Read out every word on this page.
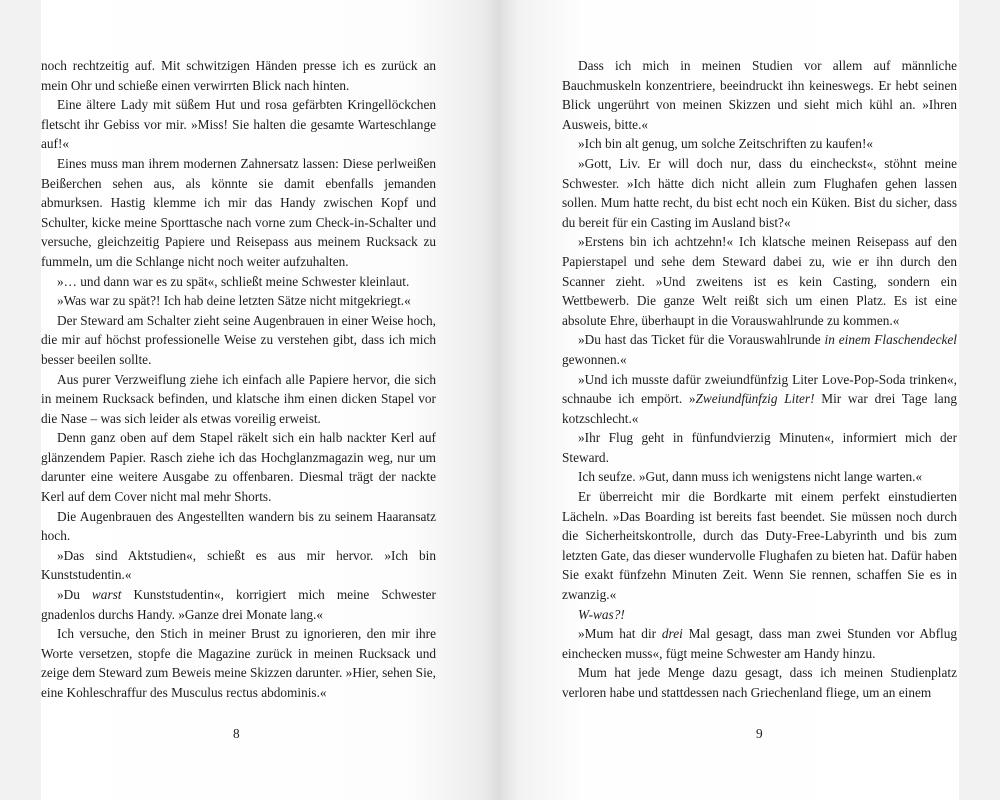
noch rechtzeitig auf. Mit schwitzigen Händen presse ich es zurück an mein Ohr und schieße einen verwirrten Blick nach hinten.

Eine ältere Lady mit süßem Hut und rosa gefärbten Kringellöckchen fletscht ihr Gebiss vor mir. »Miss! Sie halten die gesamte Warteschlange auf!«

Eines muss man ihrem modernen Zahnersatz lassen: Diese perlweißen Beißerchen sehen aus, als könnte sie damit ebenfalls jemanden abmurksen. Hastig klemme ich mir das Handy zwischen Kopf und Schulter, kicke meine Sporttasche nach vorne zum Check-in-Schalter und versuche, gleichzeitig Papiere und Reisepass aus meinem Rucksack zu fummeln, um die Schlange nicht noch weiter aufzuhalten.

»… und dann war es zu spät«, schließt meine Schwester kleinlaut.

»Was war zu spät?! Ich hab deine letzten Sätze nicht mitgekriegt.«

Der Steward am Schalter zieht seine Augenbrauen in einer Weise hoch, die mir auf höchst professionelle Weise zu verstehen gibt, dass ich mich besser beeilen sollte.

Aus purer Verzweiflung ziehe ich einfach alle Papiere hervor, die sich in meinem Rucksack befinden, und klatsche ihm einen dicken Stapel vor die Nase – was sich leider als etwas voreilig erweist.

Denn ganz oben auf dem Stapel räkelt sich ein halb nackter Kerl auf glänzendem Papier. Rasch ziehe ich das Hochglanzmagazin weg, nur um darunter eine weitere Ausgabe zu offenbaren. Diesmal trägt der nackte Kerl auf dem Cover nicht mal mehr Shorts.

Die Augenbrauen des Angestellten wandern bis zu seinem Haaransatz hoch.

»Das sind Aktstudien«, schießt es aus mir hervor. »Ich bin Kunststudentin.«

»Du warst Kunststudentin«, korrigiert mich meine Schwester gnadenlos durchs Handy. »Ganze drei Monate lang.«

Ich versuche, den Stich in meiner Brust zu ignorieren, den mir ihre Worte versetzen, stopfe die Magazine zurück in meinen Rucksack und zeige dem Steward zum Beweis meine Skizzen darunter. »Hier, sehen Sie, eine Kohleschraffur des Musculus rectus abdominis.«

8

Dass ich mich in meinen Studien vor allem auf männliche Bauchmuskeln konzentriere, beeindruckt ihn keineswegs. Er hebt seinen Blick ungerührt von meinen Skizzen und sieht mich kühl an. »Ihren Ausweis, bitte.«

»Ich bin alt genug, um solche Zeitschriften zu kaufen!«

»Gott, Liv. Er will doch nur, dass du eincheckst«, stöhnt meine Schwester. »Ich hätte dich nicht allein zum Flughafen gehen lassen sollen. Mum hatte recht, du bist echt noch ein Küken. Bist du sicher, dass du bereit für ein Casting im Ausland bist?«

»Erstens bin ich achtzehn!« Ich klatsche meinen Reisepass auf den Papierstapel und sehe dem Steward dabei zu, wie er ihn durch den Scanner zieht. »Und zweitens ist es kein Casting, sondern ein Wettbewerb. Die ganze Welt reißt sich um einen Platz. Es ist eine absolute Ehre, überhaupt in die Vorauswahlrunde zu kommen.«

»Du hast das Ticket für die Vorauswahlrunde in einem Flaschendeckel gewonnen.«

»Und ich musste dafür zweiundfünfzig Liter Love-Pop-Soda trinken«, schnaube ich empört. »Zweiundfünfzig Liter! Mir war drei Tage lang kotzschlecht.«

»Ihr Flug geht in fünfundvierzig Minuten«, informiert mich der Steward.

Ich seufze. »Gut, dann muss ich wenigstens nicht lange warten.«

Er überreicht mir die Bordkarte mit einem perfekt einstudierten Lächeln. »Das Boarding ist bereits fast beendet. Sie müssen noch durch die Sicherheitskontrolle, durch das Duty-Free-Labyrinth und bis zum letzten Gate, das dieser wundervolle Flughafen zu bieten hat. Dafür haben Sie exakt fünfzehn Minuten Zeit. Wenn Sie rennen, schaffen Sie es in zwanzig.«

W-was?!

»Mum hat dir drei Mal gesagt, dass man zwei Stunden vor Abflug einchecken muss«, fügt meine Schwester am Handy hinzu.

Mum hat jede Menge dazu gesagt, dass ich meinen Studienplatz verloren habe und stattdessen nach Griechenland fliege, um an einem

9
